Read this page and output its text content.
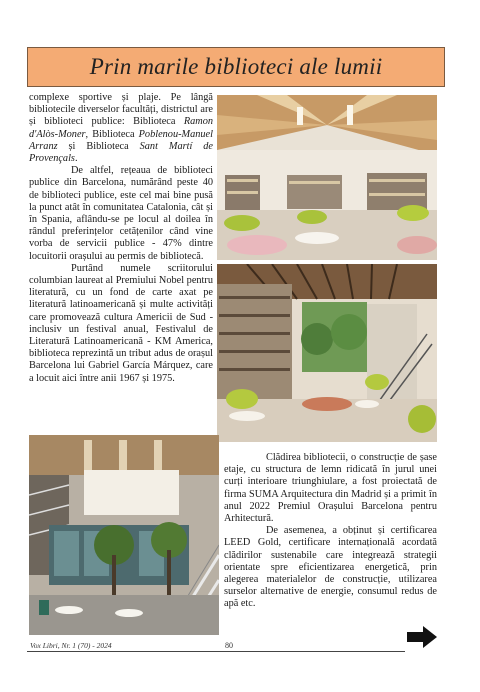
Prin marile biblioteci ale lumii

complexe sportive și plaje. Pe lângă bibliotecile diverselor facultăți, districtul are și biblioteci publice: Biblioteca Ramon d'Alòs-Moner, Biblioteca Poblenou-Manuel Arranz și Biblioteca Sant Martí de Provençals.

De altfel, rețeaua de biblioteci publice din Barcelona, numărând peste 40 de biblioteci publice, este cel mai bine pusă la punct atât în comunitatea Catalonia, cât și în Spania, aflându-se pe locul al doilea în rândul preferințelor cetățenilor când vine vorba de servicii publice - 47% dintre locuitorii orașului au permis de bibliotecă.

Purtând numele scriitorului columbian laureat al Premiului Nobel pentru literatură, cu un fond de carte axat pe literatură latinoamericană și multe activități care promovează cultura Americii de Sud - inclusiv un festival anual, Festivalul de Literatură Latinoamericană - KM America, biblioteca reprezintă un tribut adus de orașul Barcelona lui Gabriel García Márquez, care a locuit aici între anii 1967 și 1975.

Clădirea bibliotecii, o construcție de șase etaje, cu structura de lemn ridicată în jurul unei curți interioare triunghiulare, a fost proiectată de firma SUMA Arquitectura din Madrid și a primit în anul 2022 Premiul Orașului Barcelona pentru Arhitectură.

De asemenea, a obținut și certificarea LEED Gold, certificare internațională acordată clădirilor sustenabile care integrează strategii orientate spre eficientizarea energetică, prin alegerea materialelor de construcție, utilizarea surselor alternative de energie, consumul redus de apă etc.

Vox Libri, Nr. 1 (70) - 2024	80
